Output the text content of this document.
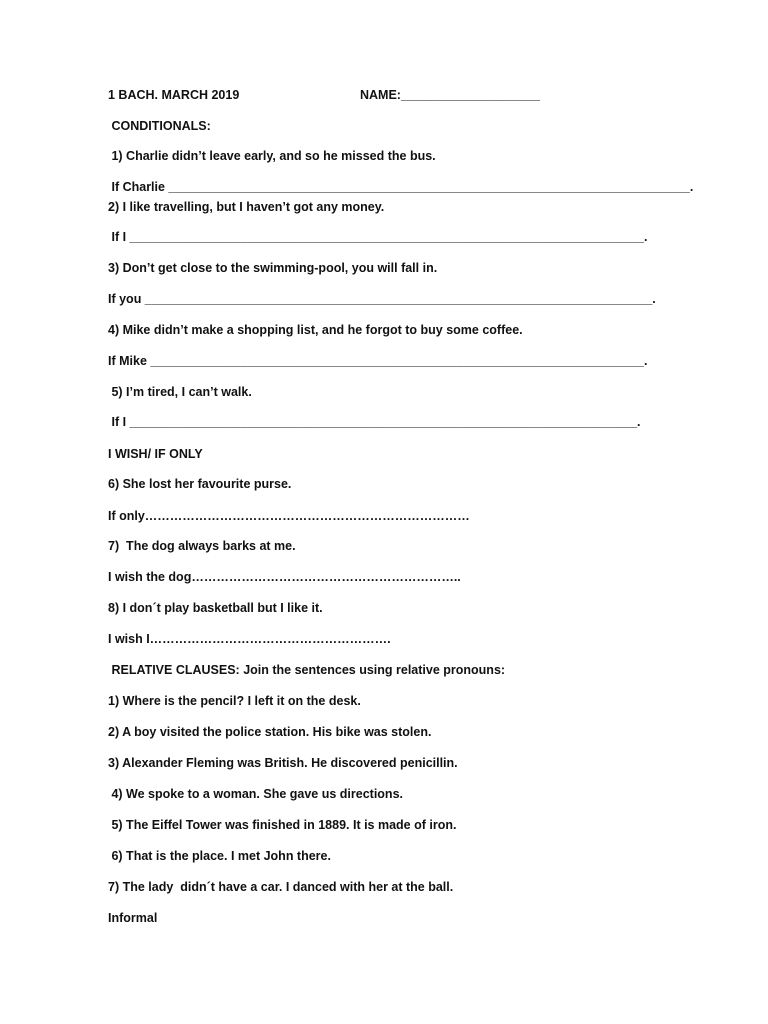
1 BACH. MARCH 2019	NAME:____________________
CONDITIONALS:
1) Charlie didn’t leave early, and so he missed the bus.
If Charlie ___________________________________________________________________________.
2) I like travelling, but I haven’t got any money.
If I __________________________________________________________________________.
3) Don’t get close to the swimming-pool, you will fall in.
If you _________________________________________________________________________.
4) Mike didn’t make a shopping list, and he forgot to buy some coffee.
If Mike _______________________________________________________________________.
5) I’m tired, I can’t walk.
If I _________________________________________________________________________.
I WISH/ IF ONLY
6) She lost her favourite purse.
If only……………………………………………………………………
7)  The dog always barks at me.
I wish the dog………………………………………………………..
8) I don´t play basketball but I like it.
I wish I………………………………………………….
RELATIVE CLAUSES: Join the sentences using relative pronouns:
1) Where is the pencil? I left it on the desk.
2) A boy visited the police station. His bike was stolen.
3) Alexander Fleming was British. He discovered penicillin.
4) We spoke to a woman. She gave us directions.
5) The Eiffel Tower was finished in 1889. It is made of iron.
6) That is the place. I met John there.
7) The lady  didn´t have a car. I danced with her at the ball.
Informal
